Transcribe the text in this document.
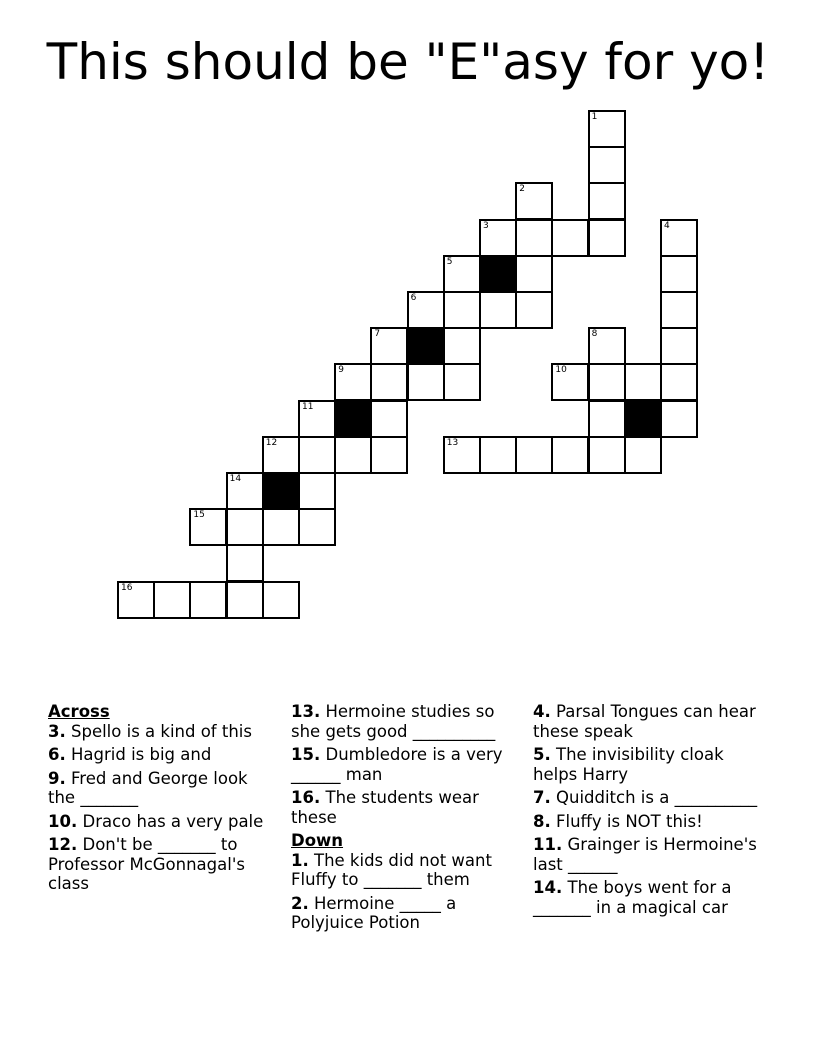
This should be "E"asy for yo!
1
2
3	4
5
6
7	8
9	10
11
12	13
14
15
16
Across
3. Spello is a kind of this
6. Hagrid is big and
9. Fred and George look the _______
10. Draco has a very pale
12. Don't be _______ to Professor McGonnagal's class
13. Hermoine studies so she gets good __________
15. Dumbledore is a very ______ man
16. The students wear these
Down
1. The kids did not want Fluffy to _______ them
2. Hermoine _____ a Polyjuice Potion
4. Parsal Tongues can hear these speak
5. The invisibility cloak helps Harry
7. Quidditch is a __________
8. Fluffy is NOT this!
11. Grainger is Hermoine's last ______
14. The boys went for a _______ in a magical car
